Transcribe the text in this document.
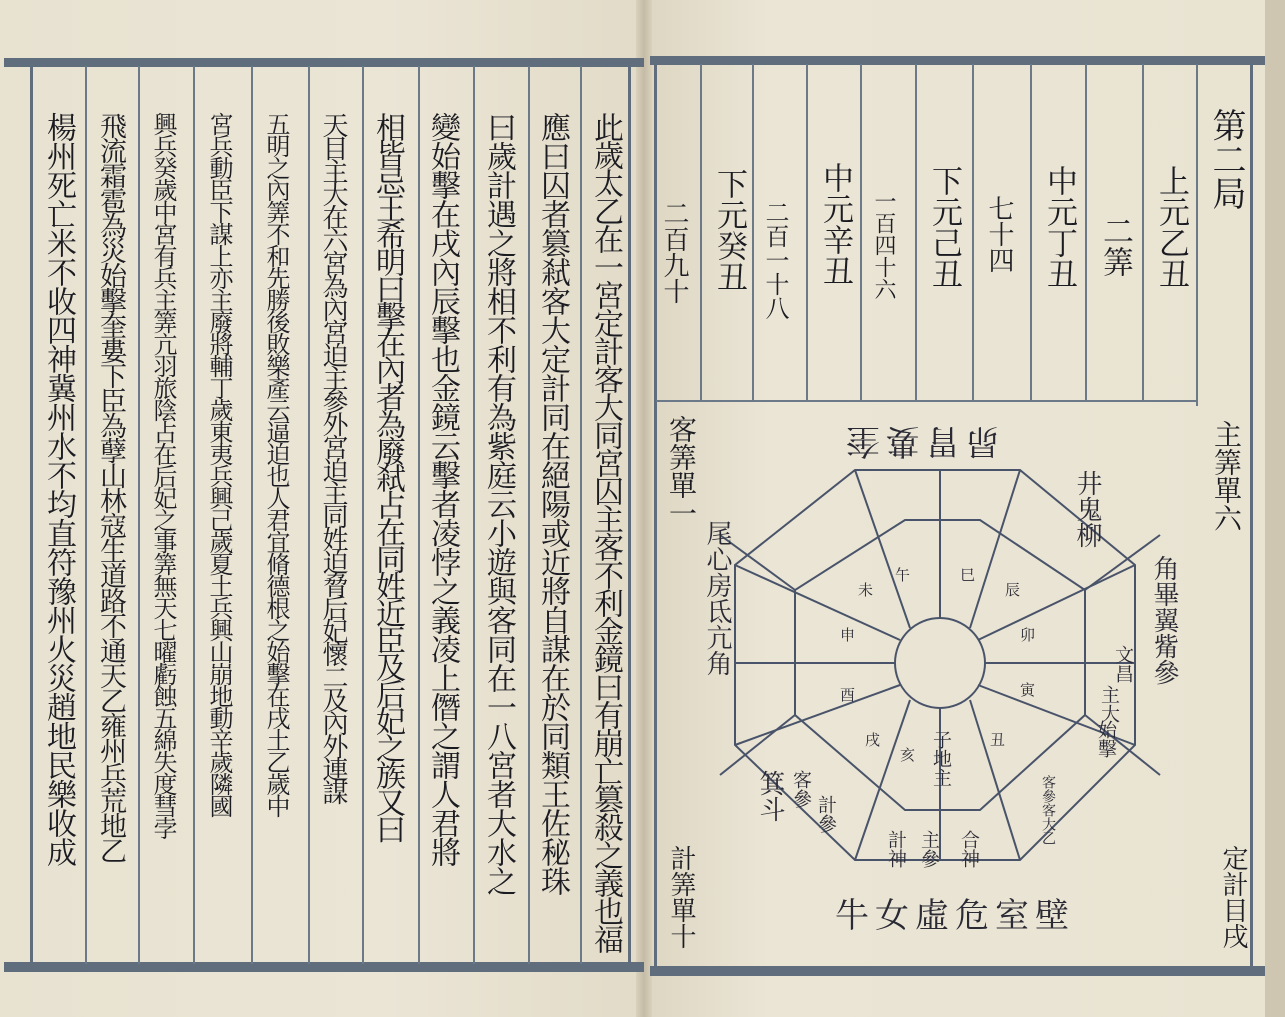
此歲太乙在一宮定計客大同宮囚主客不利金鏡曰有崩亡篡殺之義也福
應曰囚者篡弒客大定計同在絕陽或近將自謀在於同類王佐秘珠
曰歲計遇之將相不利有為紫庭云小遊與客同在一八宮者大水之
變始擊在戌內辰擊也金鏡云擊者凌悖之義凌上僭之謂人君將
相皆忌王希明曰擊在內者為廢弒占在同姓近臣及后妃之族又曰
天目主大在六宮為內宮迫主參外宮迫主同姓迫脅后妃懷二及內外連謀
五明之內筭不和先勝後敗樂產云逼迫也人君宜脩德根之始擊在戌土乙歲中
宮兵動臣下謀上亦主廢將輔丁歲東夷兵興己歲夏土兵興山崩地動辛歲隣國
興兵癸歲中宮有兵主筭亢羽旅陰占在后妃之事筭無天七曜虧蝕五綿失度彗孛
飛流霜雹為災始擊奎婁下臣為孽山林寇生道路不通天乙雍州兵荒地乙
楊州死亡米不收四神冀州水不均直符豫州火災趙地民樂收成	第二局
上元乙丑
二筭
中元丁丑
七十四
下元己丑
一百四十六
中元辛丑
二百一十八
下元癸丑
二百九十
主筭單六
客筭單一
計筭單十	定計目戌
未
午	巳
辰
卯
寅
丑
申
酉
戌
亥
昴胃婁奎
牛女虛危室壁
角畢翼觜參
井鬼柳
尾心房氐亢角
箕斗
文昌
主大
始擊
客參客大乙
合神
主參
計神
計參
客參
子地主
